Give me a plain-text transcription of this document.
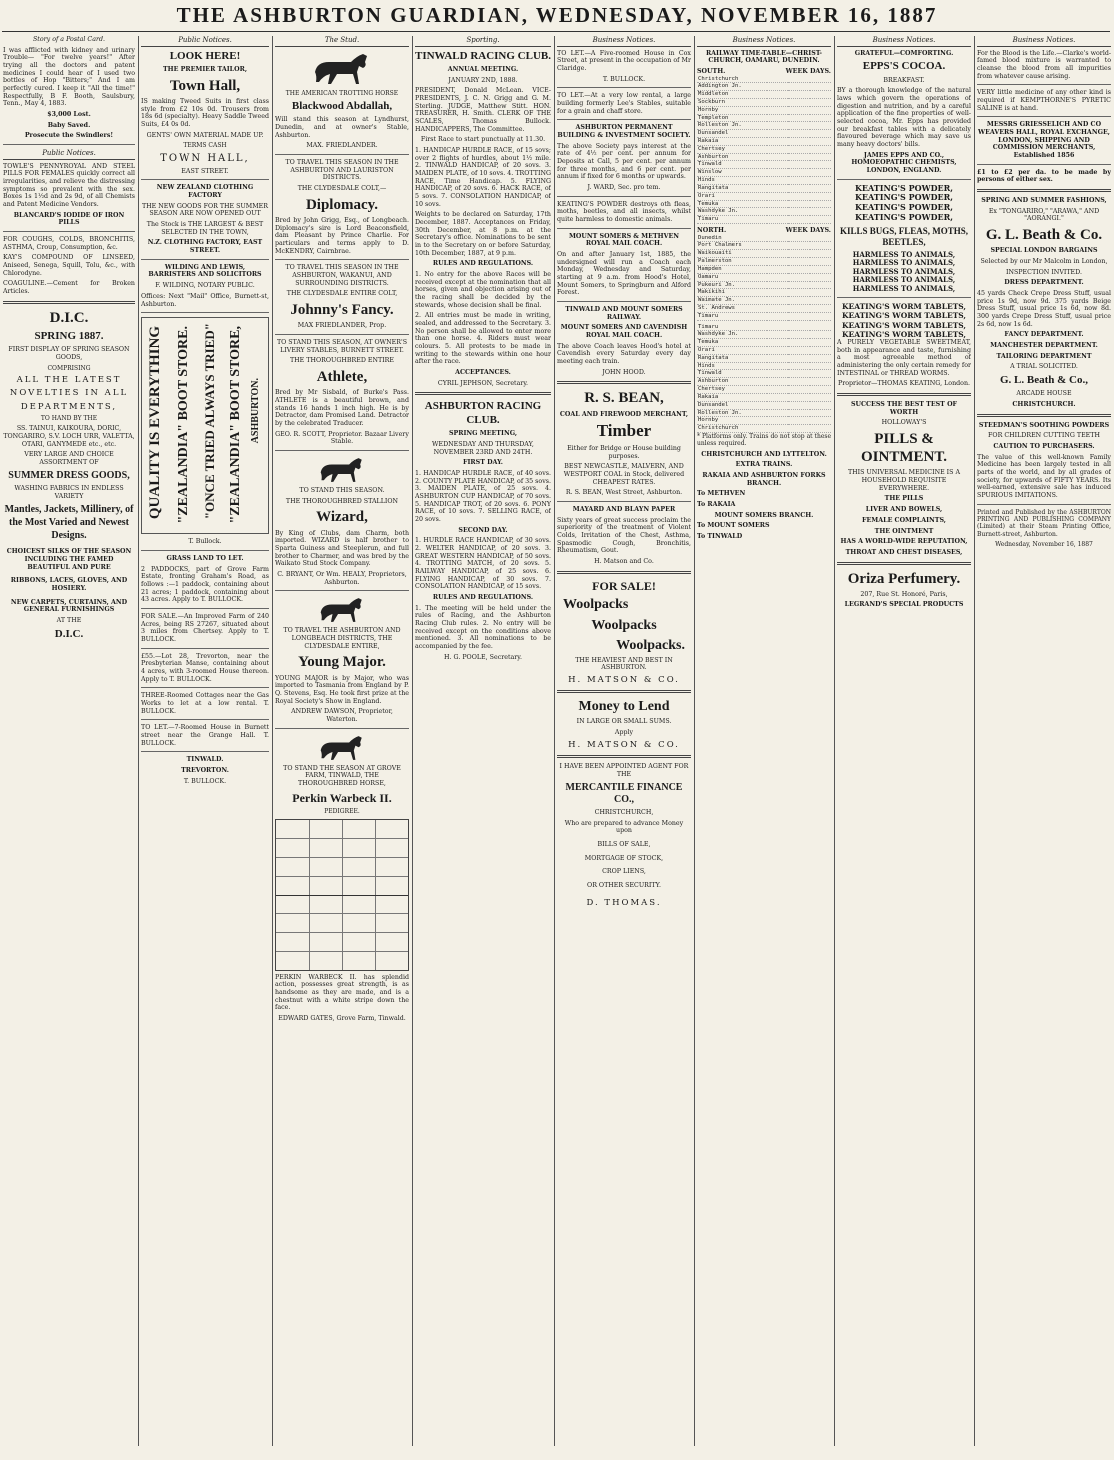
THE ASHBURTON GUARDIAN, WEDNESDAY, NOVEMBER 16, 1887

Story of a Postal Card.

I was afflicted with kidney and urinary Trouble— "For twelve years!" After trying all the doctors and patent medicines I could hear of I used two bottles of Hop "Bitters;" And I am perfectly cured. I keep it "All the time!" Respectfully, B F. Booth, Saulsbury, Tenn., May 4, 1883.

$3,000 Lost.

Baby Saved.

Prosecute the Swindlers!

Public Notices.

TOWLE'S PENNYROYAL AND STEEL PILLS FOR FEMALES quickly correct all irregularities, and relieve the distressing symptoms so prevalent with the sex. Boxes 1s 1½d and 2s 9d, of all Chemists and Patent Medicine Vendors.

BLANCARD'S IODIDE OF IRON PILLS

FOR COUGHS, COLDS, BRONCHITIS, ASTHMA, Croup, Consumption, &c.

KAY'S COMPOUND OF LINSEED, Aniseed, Senega, Squill, Tolu, &c., with Chlorodyne.

COAGULINE.—Cement for Broken Articles.

D.I.C.
SPRING 1887.

FIRST DISPLAY OF SPRING SEASON GOODS,

COMPRISING

ALL THE LATEST
NOVELTIES IN ALL
DEPARTMENTS,

TO HAND BY THE

SS. TAINUI, KAIKOURA, DORIC, TONGARIRO, S.V. LOCH URR, VALETTA, OTARI, GANYMEDE etc., etc.

VERY LARGE AND CHOICE ASSORTMENT OF

SUMMER DRESS GOODS,

WASHING FABRICS IN ENDLESS VARIETY

Mantles, Jackets, Millinery, of the Most Varied and Newest Designs.

CHOICEST SILKS OF THE SEASON INCLUDING THE FAMED BEAUTIFUL AND PURE

RIBBONS, LACES, GLOVES, AND HOSIERY.

NEW CARPETS, CURTAINS, AND GENERAL FURNISHINGS

AT THE

D.I.C.
Public Notices.
LOOK HERE!

THE PREMIER TAILOR,

Town Hall,

IS making Tweed Suits in first class style from £2 10s 0d. Trousers from 18s 6d (specialty). Heavy Saddle Tweed Suits, £4 0s 0d.

GENTS' OWN MATERIAL MADE UP.

TERMS CASH

TOWN HALL,

EAST STREET.

NEW ZEALAND CLOTHING FACTORY

THE NEW GOODS FOR THE SUMMER SEASON ARE NOW OPENED OUT

The Stock is THE LARGEST & BEST SELECTED IN THE TOWN,

N.Z. CLOTHING FACTORY, EAST STREET.

WILDING AND LEWIS, BARRISTERS AND SOLICITORS

F. WILDING, NOTARY PUBLIC.

Offices: Next "Mail" Office, Burnett-st, Ashburton.

QUALITY IS EVERYTHING "ZEALANDIA" BOOT STORE. "ONCE TRIED ALWAYS TRIED" "ZEALANDIA" BOOT STORE, ASHBURTON.

T. Bullock.

GRASS LAND TO LET.

2 PADDOCKS, part of Grove Farm Estate, fronting Graham's Road, as follows :—1 paddock, containing about 21 acres; 1 paddock, containing about 43 acres. Apply to T. BULLOCK.

FOR SALE.—An Improved Farm of 240 Acres, being RS 27267, situated about 3 miles from Chertsey. Apply to T. BULLOCK.

£55.—Lot 28, Trevorton, near the Presbyterian Manse, containing about 4 acres, with 3-roomed House thereon. Apply to T. BULLOCK.

THREE-Roomed Cottages near the Gas Works to let at a low rental. T. BULLOCK.

TO LET.—7-Roomed House in Burnett street near the Grange Hall. T. BULLOCK.

TINWALD.

TREVORTON.

T. BULLOCK.

The Stud.

THE AMERICAN TROTTING HORSE

Blackwood Abdallah,

Will stand this season at Lyndhurst, Dunedin, and at owner's Stable, Ashburton.

MAX. FRIEDLANDER.

TO TRAVEL THIS SEASON IN THE ASHBURTON AND LAURISTON DISTRICTS.

THE CLYDESDALE COLT,—

Diplomacy.

Bred by John Grigg, Esq., of Longbeach. Diplomacy's sire is Lord Beaconsfield, dam Pleasant by Prince Charlie. For particulars and terms apply to D. McKENDRY, Cairnbrae.

TO TRAVEL THIS SEASON IN THE ASHBURTON, WAKANUI, AND SURROUNDING DISTRICTS.

THE CLYDESDALE ENTIRE COLT,

Johnny's Fancy.

MAX FRIEDLANDER, Prop.

TO STAND THIS SEASON, AT OWNER'S LIVERY STABLES, BURNETT STREET.

THE THOROUGHBRED ENTIRE

Athlete,

Bred by Mr Sisbald, of Burke's Pass. ATHLETE is a beautiful brown, and stands 16 hands 1 inch high. He is by Detractor, dam Promised Land. Detractor by the celebrated Traducer.

GEO. R. SCOTT, Proprietor. Bazaar Livery Stable.

TO STAND THIS SEASON.

THE THOROUGHBRED STALLION

Wizard,

By King of Clubs, dam Charm, both imported. WIZARD is half brother to Sparta Guiness and Steeplerun, and full brother to Charmer, and was bred by the Waikato Stud Stock Company.

C. BRYANT, Or Wm. HEALY, Proprietors, Ashburton.

TO TRAVEL THE ASHBURTON AND LONGBEACH DISTRICTS, THE CLYDESDALE ENTIRE,

Young Major.

YOUNG MAJOR is by Major, who was imported to Tasmania from England by P. Q. Stevens, Esq. He took first prize at the Royal Society's Show in England.

ANDREW DAWSON, Proprietor, Waterton.

TO STAND THE SEASON AT GROVE FARM, TINWALD, THE THOROUGHBRED HORSE,

Perkin Warbeck II.

PEDIGREE.

PERKIN WARBECK II. has splendid action, possesses great strength, is as handsome as they are made, and is a chestnut with a white stripe down the face.

EDWARD GATES, Grove Farm, Tinwald.

Sporting.
TINWALD RACING CLUB.

ANNUAL MEETING.

JANUARY 2ND, 1888.

PRESIDENT, Donald McLean. VICE-PRESIDENTS, J. C. N. Grigg and G. M. Sterling. JUDGE, Matthew Stitt. HON. TREASURER, H. Smith. CLERK OF THE SCALES, Thomas Bullock. HANDICAPPERS, The Committee.

First Race to start punctually at 11.30.

1. HANDICAP HURDLE RACE, of 15 sovs; over 2 flights of hurdles, about 1½ mile. 2. TINWALD HANDICAP, of 20 sovs. 3. MAIDEN PLATE, of 10 sovs. 4. TROTTING RACE, Time Handicap. 5. FLYING HANDICAP, of 20 sovs. 6. HACK RACE, of 5 sovs. 7. CONSOLATION HANDICAP, of 10 sovs.

Weights to be declared on Saturday, 17th December, 1887. Acceptances on Friday, 30th December, at 8 p.m. at the Secretary's office. Nominations to be sent in to the Secretary on or before Saturday, 10th December, 1887, at 9 p.m.

RULES AND REGULATIONS.

1. No entry for the above Races will be received except at the nomination that all horses, given and objection arising out of the racing shall be decided by the stewards, whose decision shall be final.

2. All entries must be made in writing, sealed, and addressed to the Secretary. 3. No person shall be allowed to enter more than one horse. 4. Riders must wear colours. 5. All protests to be made in writing to the stewards within one hour after the race.

ACCEPTANCES.

CYRIL JEPHSON, Secretary.

ASHBURTON RACING CLUB.

SPRING MEETING,

WEDNESDAY AND THURSDAY, NOVEMBER 23RD AND 24TH.

FIRST DAY.

1. HANDICAP HURDLE RACE, of 40 sovs. 2. COUNTY PLATE HANDICAP, of 35 sovs. 3. MAIDEN PLATE, of 25 sovs. 4. ASHBURTON CUP HANDICAP, of 70 sovs. 5. HANDICAP TROT, of 20 sovs. 6. PONY RACE, of 10 sovs. 7. SELLING RACE, of 20 sovs.

SECOND DAY.

1. HURDLE RACE HANDICAP, of 30 sovs. 2. WELTER HANDICAP, of 20 sovs. 3. GREAT WESTERN HANDICAP, of 50 sovs. 4. TROTTING MATCH, of 20 sovs. 5. RAILWAY HANDICAP, of 25 sovs. 6. FLYING HANDICAP, of 30 sovs. 7. CONSOLATION HANDICAP, of 15 sovs.

RULES AND REGULATIONS.

1. The meeting will be held under the rules of Racing, and the Ashburton Racing Club rules. 2. No entry will be received except on the conditions above mentioned. 3. All nominations to be accompanied by the fee.

H. G. POOLE, Secretary.

Business Notices.

TO LET.—A Five-roomed House in Cox Street, at present in the occupation of Mr Claridge.

T. BULLOCK.

TO LET.—At a very low rental, a large building formerly Lee's Stables, suitable for a grain and chaff store.

ASHBURTON PERMANENT BUILDING & INVESTMENT SOCIETY.

The above Society pays interest at the rate of 4½ per cent. per annum for Deposits at Call, 5 per cent. per annum for three months, and 6 per cent. per annum if fixed for 6 months or upwards.

J. WARD, Sec. pro tem.

KEATING'S POWDER destroys oth fleas, moths, beetles, and all insects, whilst quite harmless to domestic animals.

MOUNT SOMERS & METHVEN ROYAL MAIL COACH.

On and after January 1st, 1885, the undersigned will run a Coach each Monday, Wednesday and Saturday, starting at 9 a.m. from Hood's Hotel, Mount Somers, to Springburn and Alford Forest.

TINWALD AND MOUNT SOMERS RAILWAY.

MOUNT SOMERS AND CAVENDISH ROYAL MAIL COACH.

The above Coach leaves Hood's hotel at Cavendish every Saturday every day meeting each train.

JOHN HOOD.

R. S. BEAN,

COAL AND FIREWOOD MERCHANT,

Timber

Either for Bridge or House building purposes.

BEST NEWCASTLE, MALVERN, AND WESTPORT COAL in Stock, delivered CHEAPEST RATES.

R. S. BEAN, West Street, Ashburton.

MAYARD AND BLAYN PAPER

Sixty years of great success proclaim the superiority of the treatment of Violent Colds, Irritation of the Chest, Asthma, Spasmodic Cough, Bronchitis, Rheumatism, Gout.

H. Matson and Co.

FOR SALE!
Woolpacks
Woolpacks
Woolpacks.

THE HEAVIEST AND BEST IN ASHBURTON.

H. MATSON & CO.
Money to Lend

IN LARGE OR SMALL SUMS.

Apply

H. MATSON & CO.

I HAVE BEEN APPOINTED AGENT FOR THE

MERCANTILE FINANCE CO.,

CHRISTCHURCH,

Who are prepared to advance Money upon

BILLS OF SALE,

MORTGAGE OF STOCK,

CROP LIENS,

OR OTHER SECURITY.

D. THOMAS.
Business Notices.

RAILWAY TIME-TABLE—CHRIST-CHURCH, OAMARU, DUNEDIN.

SOUTH.	WEEK DAYS.
Christchurch			
Addington Jn.			
Middleton			
Sockburn			
Hornby			
Templeton			
Rolleston Jn.			
Dunsandel			
Rakaia			
Chertsey			
Ashburton			
Tinwald			
Winslow			
Hinds			
Rangitata			
Orari			
Temuka			
Washdyke Jn.			
Timaru			
NORTH.	WEEK DAYS.
Dunedin			
Port Chalmers			
Waikouaiti			
Palmerston			
Hampden			
Oamaru			
Pukeuri Jn.			
Makikihi			
Waimate Jn.			
St. Andrews			
Timaru			
Timaru			
Washdyke Jn.			
Temuka			
Orari			
Rangitata			
Hinds			
Tinwald			
Ashburton			
Chertsey			
Rakaia			
Dunsandel			
Rolleston Jn.			
Hornby			
Christchurch			

* Platforms only. Trains do not stop at these unless required.

CHRISTCHURCH AND LYTTELTON.

EXTRA TRAINS.

RAKAIA AND ASHBURTON FORKS BRANCH.

To METHVEN

To RAKAIA

MOUNT SOMERS BRANCH.

To MOUNT SOMERS

To TINWALD

Business Notices.

GRATEFUL—COMFORTING.

EPPS'S COCOA.

BREAKFAST.

BY a thorough knowledge of the natural laws which govern the operations of digestion and nutrition, and by a careful application of the fine properties of well-selected cocoa, Mr. Epps has provided our breakfast tables with a delicately flavoured beverage which may save us many heavy doctors' bills.

JAMES EPPS AND CO., HOMOEOPATHIC CHEMISTS, LONDON, ENGLAND.

KEATING'S POWDER,
KEATING'S POWDER,
KEATING'S POWDER,
KEATING'S POWDER,
KILLS BUGS, FLEAS, MOTHS, BEETLES,
HARMLESS TO ANIMALS,
HARMLESS TO ANIMALS,
HARMLESS TO ANIMALS,
HARMLESS TO ANIMALS,
HARMLESS TO ANIMALS,
KEATING'S WORM TABLETS,
KEATING'S WORM TABLETS,
KEATING'S WORM TABLETS,
KEATING'S WORM TABLETS,

A PURELY VEGETABLE SWEETMEAT, both in appearance and taste, furnishing a most agreeable method of administering the only certain remedy for INTESTINAL or THREAD WORMS.

Proprietor—THOMAS KEATING, London.

SUCCESS THE BEST TEST OF WORTH

HOLLOWAY'S

PILLS & OINTMENT.

THIS UNIVERSAL MEDICINE IS A HOUSEHOLD REQUISITE EVERYWHERE.

THE PILLS

LIVER AND BOWELS,

FEMALE COMPLAINTS,

THE OINTMENT

HAS A WORLD-WIDE REPUTATION,

THROAT AND CHEST DISEASES,

Oriza Perfumery.

207, Rue St. Honoré, Paris,

LEGRAND'S SPECIAL PRODUCTS

Business Notices.

For the Blood is the Life.—Clarke's world-famed blood mixture is warranted to cleanse the blood from all impurities from whatever cause arising.

VERY little medicine of any other kind is required if KEMPTHORNE'S PYRETIC SALINE is at hand.

MESSRS GRIESSELICH AND CO WEAVERS HALL, ROYAL EXCHANGE, LONDON, SHIPPING AND COMMISSION MERCHANTS, Established 1856

£1 to £2 per da. to be made by persons of either sex.

SPRING AND SUMMER FASHIONS,

Ex "TONGARIRO," "ARAWA," AND "AORANGI."

G. L. Beath & Co.

SPECIAL LONDON BARGAINS

Selected by our Mr Malcolm in London,

INSPECTION INVITED.

DRESS DEPARTMENT.

45 yards Check Crepe Dress Stuff, usual price 1s 9d, now 9d. 375 yards Beige Dress Stuff, usual price 1s 6d, now 8d. 300 yards Crepe Dress Stuff, usual price 2s 6d, now 1s 6d.

FANCY DEPARTMENT.

MANCHESTER DEPARTMENT.

TAILORING DEPARTMENT

A TRIAL SOLICITED.

G. L. Beath & Co.,

ARCADE HOUSE

CHRISTCHURCH.

STEEDMAN'S SOOTHING POWDERS

FOR CHILDREN CUTTING TEETH

CAUTION TO PURCHASERS.

The value of this well-known Family Medicine has been largely tested in all parts of the world, and by all grades of society, for upwards of FIFTY YEARS. Its well-earned, extensive sale has induced SPURIOUS IMITATIONS.

Printed and Published by the ASHBURTON PRINTING AND PUBLISHING COMPANY (Limited) at their Steam Printing Office, Burnett-street, Ashburton.

Wednesday, November 16, 1887
